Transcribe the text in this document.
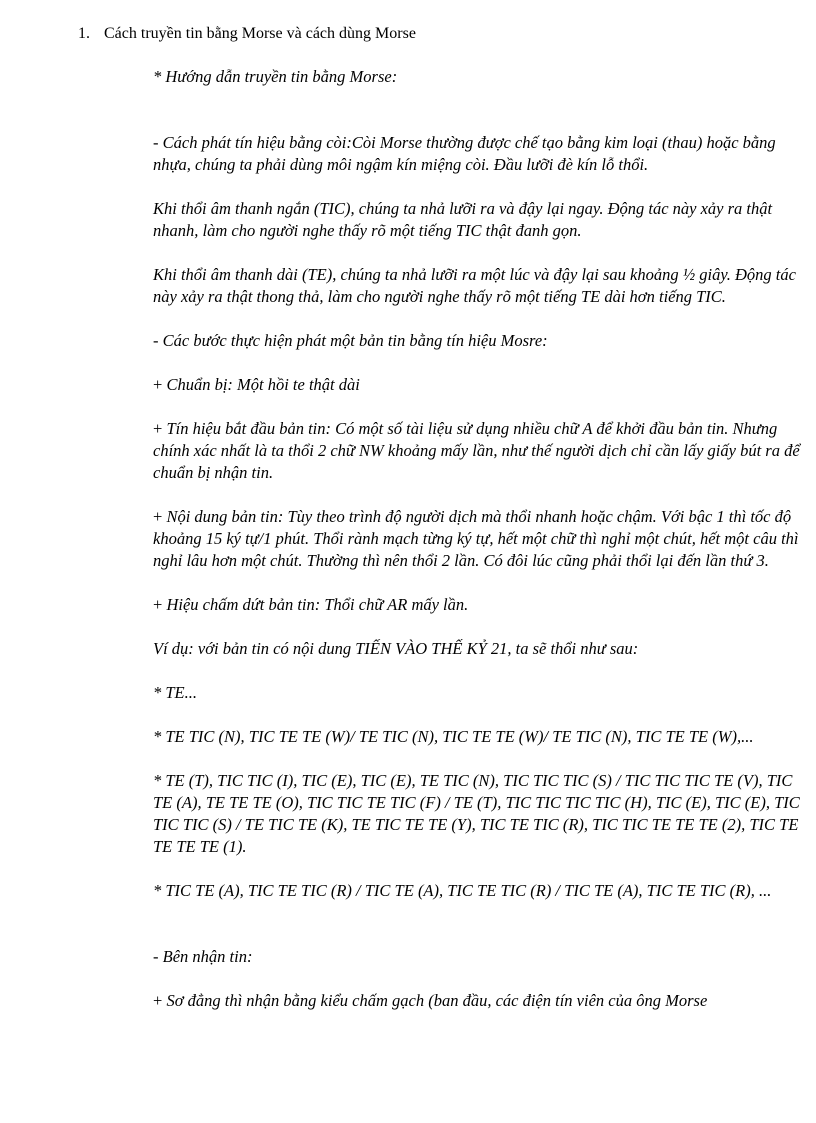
1. Cách truyền tin bằng Morse và cách dùng Morse

* Hướng dẫn truyền tin bằng Morse:

- Cách phát tín hiệu bằng còi:Còi Morse thường được chế tạo bằng kim loại (thau) hoặc bằng nhựa, chúng ta phải dùng môi ngậm kín miệng còi. Đầu lưỡi đè kín lỗ thổi.

Khi thổi âm thanh ngắn (TIC), chúng ta nhả lưỡi ra và đậy lại ngay. Động tác này xảy ra thật nhanh, làm cho người nghe thấy rõ một tiếng TIC thật đanh gọn.

Khi thổi âm thanh dài (TE), chúng ta nhả lưỡi ra một lúc và đậy lại sau khoảng ½ giây. Động tác này xảy ra thật thong thả, làm cho người nghe thấy rõ một tiếng TE dài hơn tiếng TIC.

- Các bước thực hiện phát một bản tin bằng tín hiệu Mosre:

+ Chuẩn bị: Một hồi te thật dài

+ Tín hiệu bắt đầu bản tin: Có một số tài liệu sử dụng nhiều chữ A để khởi đầu bản tin. Nhưng chính xác nhất là ta thổi 2 chữ NW khoảng mấy lần, như thế người dịch chỉ cần lấy giấy bút ra để chuẩn bị nhận tin.

+ Nội dung bản tin: Tùy theo trình độ người dịch mà thổi nhanh hoặc chậm. Với bậc 1 thì tốc độ khoảng 15 ký tự/1 phút. Thổi rành mạch từng ký tự, hết một chữ thì nghỉ một chút, hết một câu thì nghỉ lâu hơn một chút. Thường thì nên thổi 2 lần. Có đôi lúc cũng phải thổi lại đến lần thứ 3.

+ Hiệu chấm dứt bản tin: Thổi chữ AR mấy lần.

Ví dụ: với bản tin có nội dung TIẾN VÀO THẾ KỶ 21, ta sẽ thổi như sau:

* TE...

* TE TIC (N), TIC TE TE (W)/ TE TIC (N), TIC TE TE (W)/ TE TIC (N), TIC TE TE (W),...

* TE (T), TIC TIC (I), TIC (E), TIC (E), TE TIC (N), TIC TIC TIC (S) / TIC TIC TIC TE (V), TIC TE (A), TE TE TE (O), TIC TIC TE TIC (F) / TE (T), TIC TIC TIC TIC (H), TIC (E), TIC (E), TIC TIC TIC (S) / TE TIC TE (K), TE TIC TE TE (Y), TIC TE TIC (R), TIC TIC TE TE TE (2), TIC TE TE TE TE (1).

* TIC TE (A), TIC TE TIC (R) / TIC TE (A), TIC TE TIC (R) / TIC TE (A), TIC TE TIC (R), ...

- Bên nhận tin:

+ Sơ đẳng thì nhận bằng kiểu chấm gạch (ban đầu, các điện tín viên của ông Morse
